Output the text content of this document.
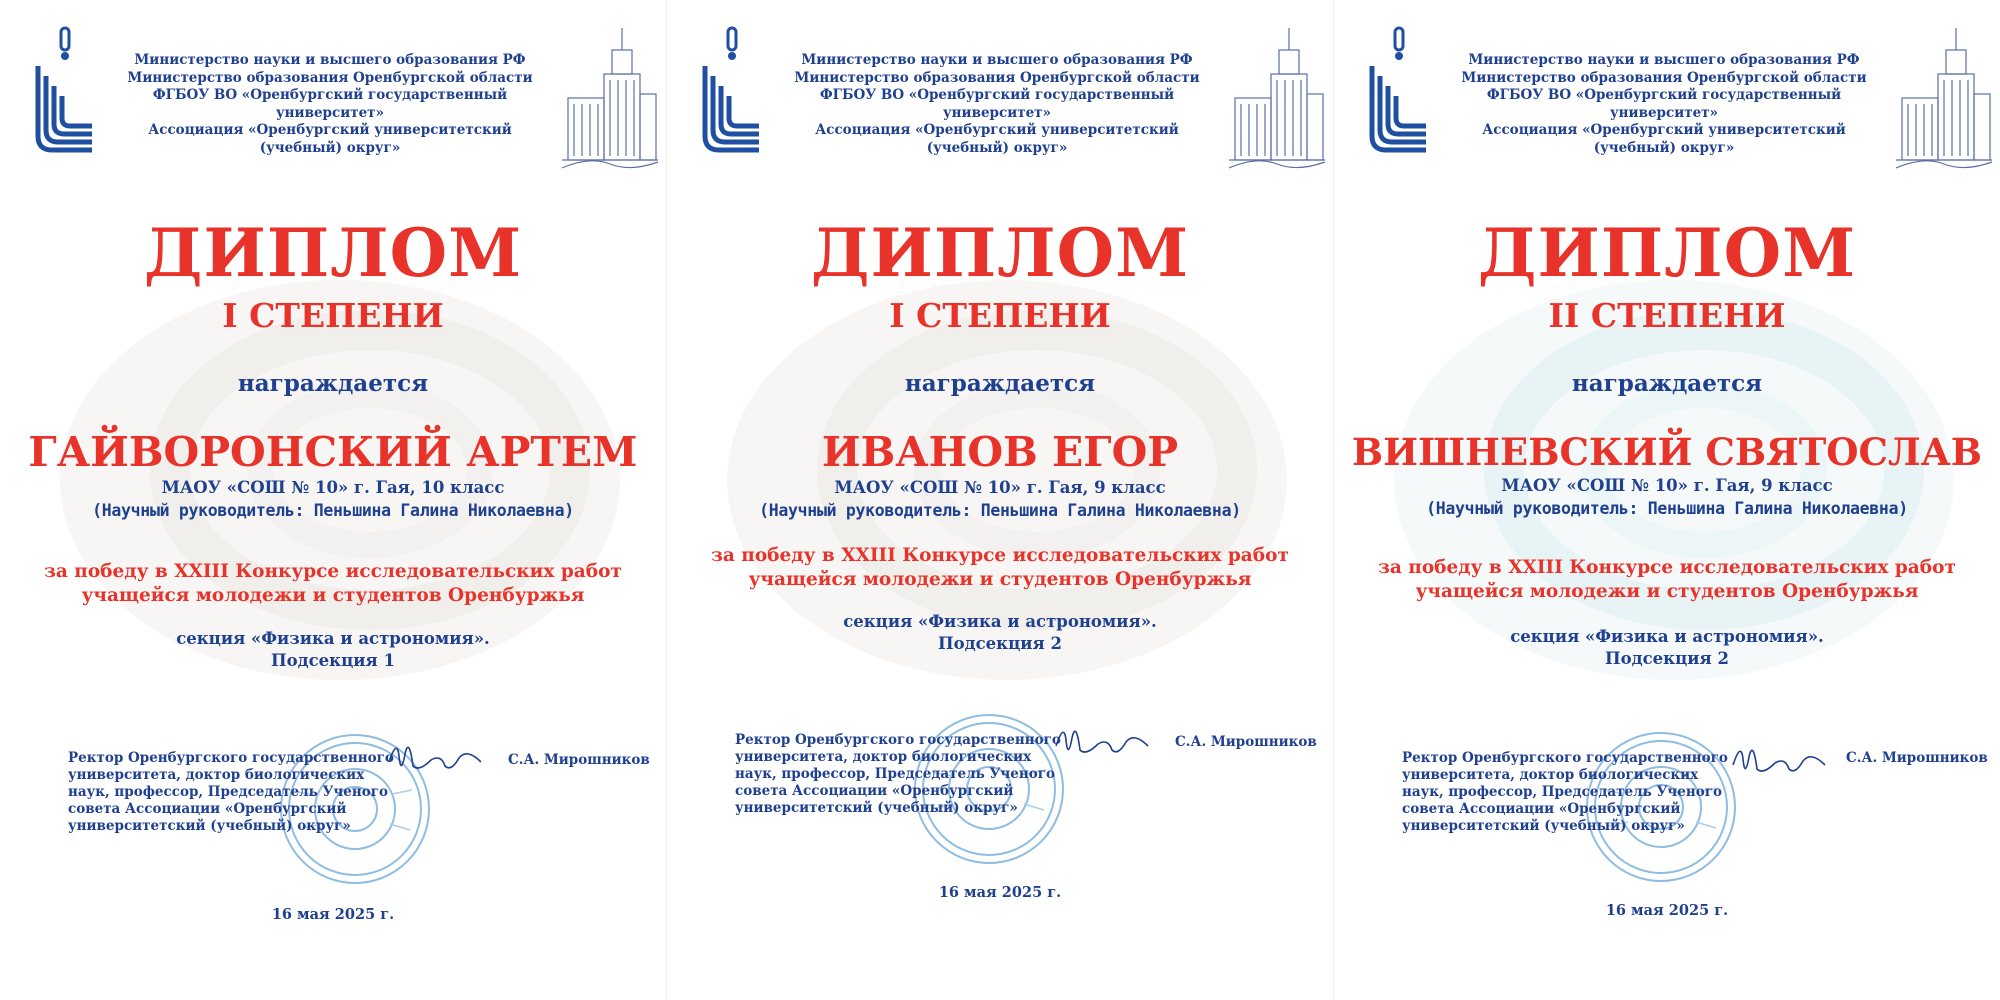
Министерство науки и высшего образования РФ
Министерство образования Оренбургской области
ФГБОУ ВО «Оренбургский государственный университет»
Ассоциация «Оренбургский университетский (учебный) округ»
ДИПЛОМ
I СТЕПЕНИ
награждается
ГАЙВОРОНСКИЙ АРТЕМ
МАОУ «СОШ № 10» г. Гая, 10 класс
(Научный руководитель: Пеньшина Галина Николаевна)
за победу в XXIII Конкурсе исследовательских работ
учащейся молодежи и студентов Оренбуржья
секция «Физика и астрономия».
Подсекция 1
Ректор Оренбургского государственного
университета, доктор биологических
наук, профессор, Председатель Ученого
совета Ассоциации «Оренбургский
университетский (учебный) округ»
С.А. Мирошников
16 мая 2025 г.
Министерство науки и высшего образования РФ
Министерство образования Оренбургской области
ФГБОУ ВО «Оренбургский государственный университет»
Ассоциация «Оренбургский университетский (учебный) округ»
ДИПЛОМ
I СТЕПЕНИ
награждается
ИВАНОВ ЕГОР
МАОУ «СОШ № 10» г. Гая, 9 класс
(Научный руководитель: Пеньшина Галина Николаевна)
за победу в XXIII Конкурсе исследовательских работ
учащейся молодежи и студентов Оренбуржья
секция «Физика и астрономия».
Подсекция 2
Ректор Оренбургского государственного
университета, доктор биологических
наук, профессор, Председатель Ученого
совета Ассоциации «Оренбургский
университетский (учебный) округ»
С.А. Мирошников
16 мая 2025 г.
Министерство науки и высшего образования РФ
Министерство образования Оренбургской области
ФГБОУ ВО «Оренбургский государственный университет»
Ассоциация «Оренбургский университетский (учебный) округ»
ДИПЛОМ
II СТЕПЕНИ
награждается
ВИШНЕВСКИЙ СВЯТОСЛАВ
МАОУ «СОШ № 10» г. Гая, 9 класс
(Научный руководитель: Пеньшина Галина Николаевна)
за победу в XXIII Конкурсе исследовательских работ
учащейся молодежи и студентов Оренбуржья
секция «Физика и астрономия».
Подсекция 2
Ректор Оренбургского государственного
университета, доктор биологических
наук, профессор, Председатель Ученого
совета Ассоциации «Оренбургский
университетский (учебный) округ»
С.А. Мирошников
16 мая 2025 г.
